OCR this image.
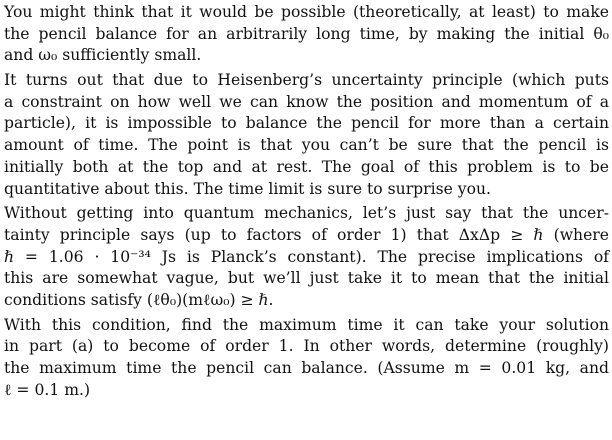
You might think that it would be possible (theoretically, at least) to make
the pencil balance for an arbitrarily long time, by making the initial θ₀
and ω₀ sufficiently small.
It turns out that due to Heisenberg’s uncertainty principle (which puts
a constraint on how well we can know the position and momentum of a
particle), it is impossible to balance the pencil for more than a certain
amount of time. The point is that you can’t be sure that the pencil is
initially both at the top and at rest. The goal of this problem is to be
quantitative about this. The time limit is sure to surprise you.
Without getting into quantum mechanics, let’s just say that the uncer-
tainty principle says (up to factors of order 1) that ΔxΔp ≥ ℏ (where
ℏ = 1.06 · 10⁻³⁴ Js is Planck’s constant). The precise implications of
this are somewhat vague, but we’ll just take it to mean that the initial
conditions satisfy (ℓθ₀)(mℓω₀) ≥ ℏ.
With this condition, find the maximum time it can take your solution
in part (a) to become of order 1. In other words, determine (roughly)
the maximum time the pencil can balance. (Assume m = 0.01 kg, and
ℓ = 0.1 m.)
